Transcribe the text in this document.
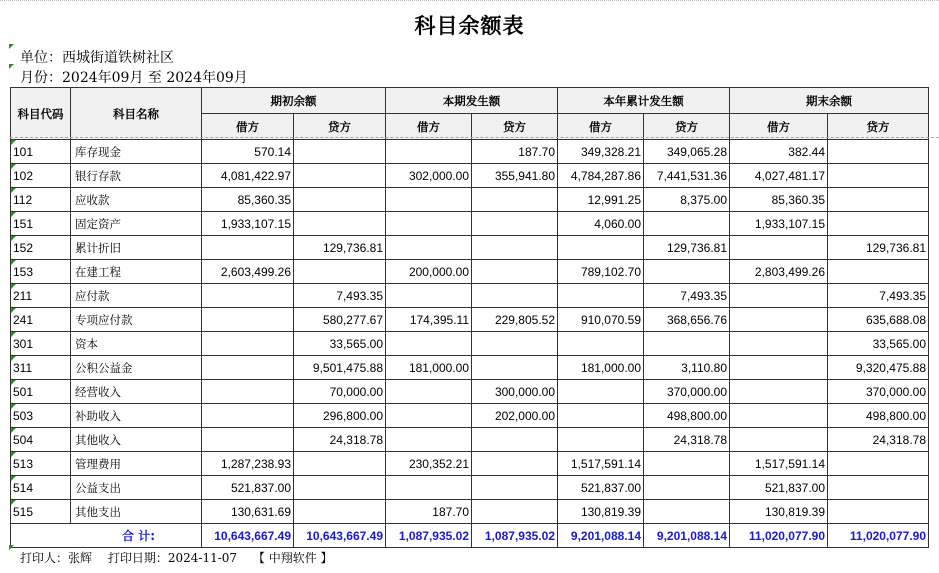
科目余额表
单位：西城街道铁树社区
月份：2024年09月 至 2024年09月
科目代码	科目名称	期初余额		本期发生额		本年累计发生额		期末余额	
		借方	贷方	借方	贷方	借方	贷方	借方	贷方

101	库存现金	570.14			187.70	349,328.21	349,065.28	382.44	

102	银行存款	4,081,422.97		302,000.00	355,941.80	4,784,287.86	7,441,531.36	4,027,481.17	

112	应收款	85,360.35				12,991.25	8,375.00	85,360.35	

151	固定资产	1,933,107.15				4,060.00		1,933,107.15	

152	累计折旧		129,736.81				129,736.81		129,736.81

153	在建工程	2,603,499.26		200,000.00		789,102.70		2,803,499.26	

211	应付款		7,493.35				7,493.35		7,493.35

241	专项应付款		580,277.67	174,395.11	229,805.52	910,070.59	368,656.76		635,688.08

301	资本		33,565.00						33,565.00

311	公积公益金		9,501,475.88	181,000.00		181,000.00	3,110.80		9,320,475.88

501	经营收入		70,000.00		300,000.00		370,000.00		370,000.00

503	补助收入		296,800.00		202,000.00		498,800.00		498,800.00

504	其他收入		24,318.78				24,318.78		24,318.78

513	管理费用	1,287,238.93		230,352.21		1,517,591.14		1,517,591.14	

514	公益支出	521,837.00				521,837.00		521,837.00	

515	其他支出	130,631.69		187.70		130,819.39		130,819.39	
合 计:		10,643,667.49	10,643,667.49	1,087,935.02	1,087,935.02	9,201,088.14	9,201,088.14	11,020,077.90	11,020,077.90
打印人：张辉 打印日期：2024-11-07 【 中翔软件 】
